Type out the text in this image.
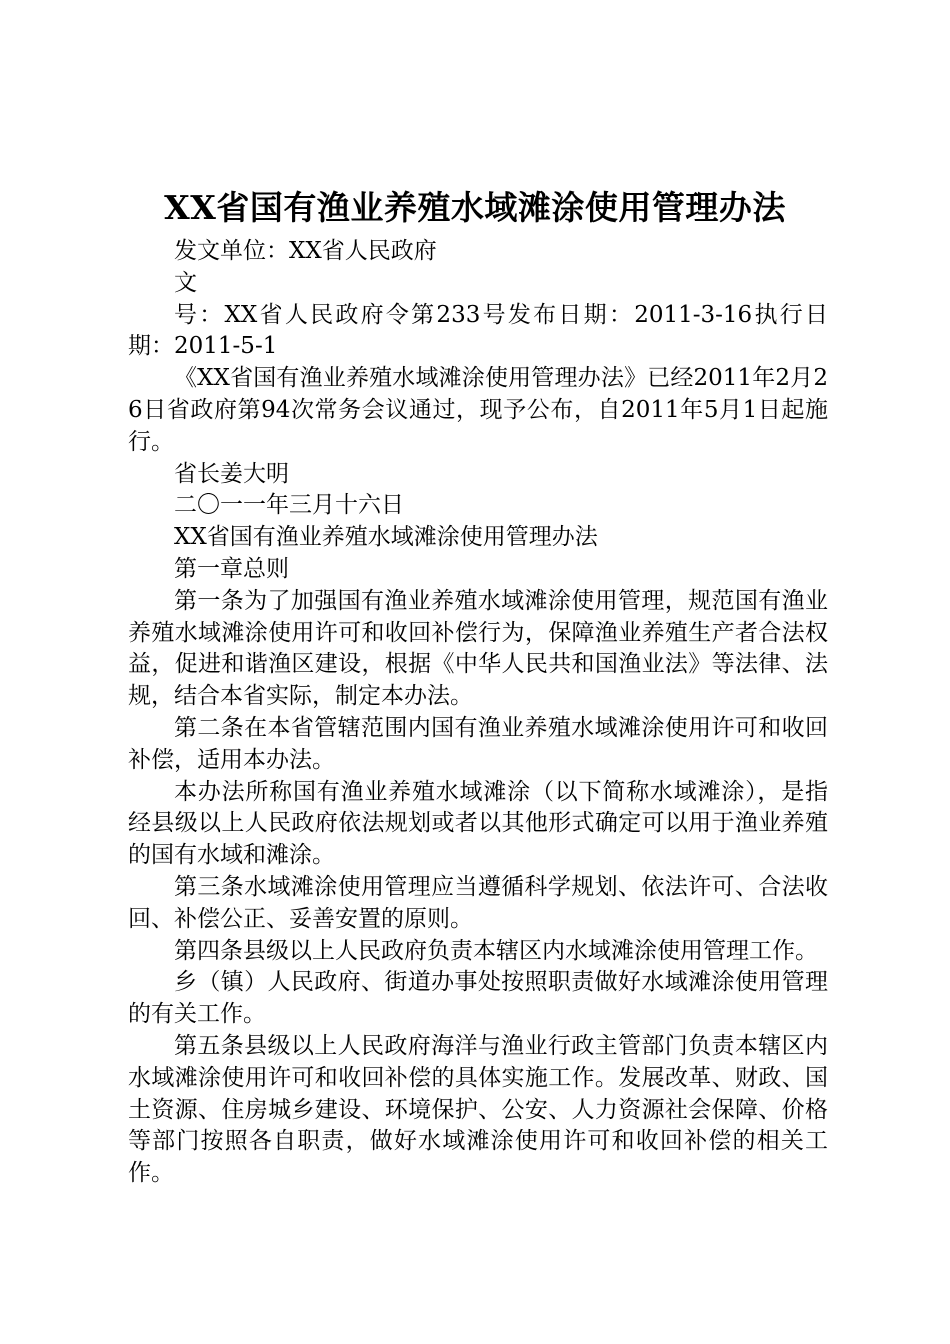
XX省国有渔业养殖水域滩涂使用管理办法

发文单位：XX省人民政府

文

号：XX省人民政府令第233号发布日期：2011-3-16执行日期：2011-5-1

《XX省国有渔业养殖水域滩涂使用管理办法》已经2011年2月26日省政府第94次常务会议通过，现予公布，自2011年5月1日起施行。

省长姜大明

二〇一一年三月十六日

XX省国有渔业养殖水域滩涂使用管理办法

第一章总则

第一条为了加强国有渔业养殖水域滩涂使用管理，规范国有渔业养殖水域滩涂使用许可和收回补偿行为，保障渔业养殖生产者合法权益，促进和谐渔区建设，根据《中华人民共和国渔业法》等法律、法规，结合本省实际，制定本办法。

第二条在本省管辖范围内国有渔业养殖水域滩涂使用许可和收回补偿，适用本办法。

本办法所称国有渔业养殖水域滩涂（以下简称水域滩涂），是指经县级以上人民政府依法规划或者以其他形式确定可以用于渔业养殖的国有水域和滩涂。

第三条水域滩涂使用管理应当遵循科学规划、依法许可、合法收回、补偿公正、妥善安置的原则。

第四条县级以上人民政府负责本辖区内水域滩涂使用管理工作。

乡（镇）人民政府、街道办事处按照职责做好水域滩涂使用管理的有关工作。

第五条县级以上人民政府海洋与渔业行政主管部门负责本辖区内水域滩涂使用许可和收回补偿的具体实施工作。发展改革、财政、国土资源、住房城乡建设、环境保护、公安、人力资源社会保障、价格等部门按照各自职责，做好水域滩涂使用许可和收回补偿的相关工作。
